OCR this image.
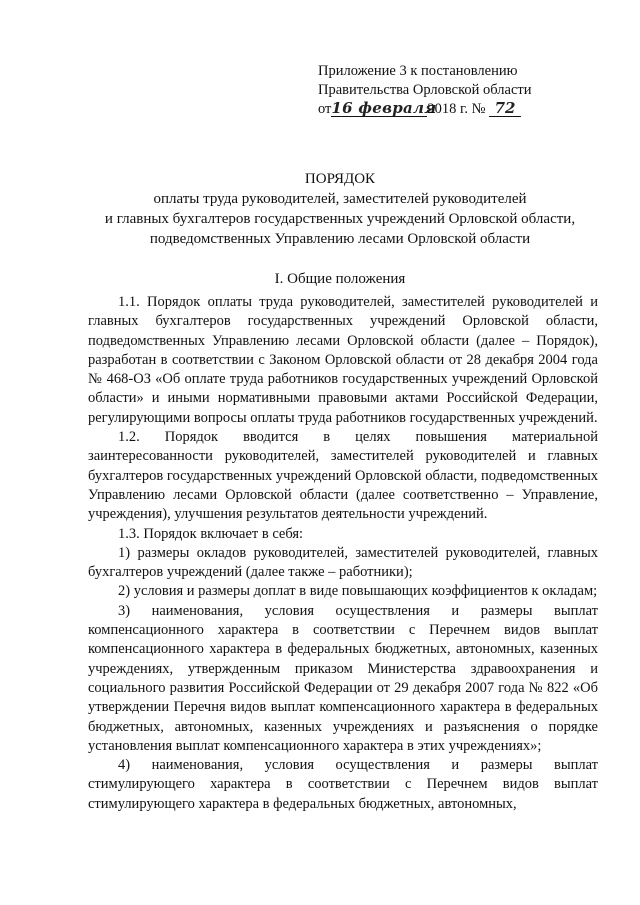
Приложение 3 к постановлению
Правительства Орловской области
от16 февраля2018 г. № 72
ПОРЯДОК
оплаты труда руководителей, заместителей руководителей
и главных бухгалтеров государственных учреждений Орловской области,
подведомственных Управлению лесами Орловской области
I. Общие положения

1.1. Порядок оплаты труда руководителей, заместителей руководителей и главных бухгалтеров государственных учреждений Орловской области, подведомственных Управлению лесами Орловской области (далее – Порядок), разработан в соответствии с Законом Орловской области от 28 декабря 2004 года № 468-ОЗ «Об оплате труда работников государственных учреждений Орловской области» и иными нормативными правовыми актами Российской Федерации, регулирующими вопросы оплаты труда работников государственных учреждений.

1.2. Порядок вводится в целях повышения материальной заинтересованности руководителей, заместителей руководителей и главных бухгалтеров государственных учреждений Орловской области, подведомственных Управлению лесами Орловской области (далее соответственно – Управление, учреждения), улучшения результатов деятельности учреждений.

1.3. Порядок включает в себя:

1) размеры окладов руководителей, заместителей руководителей, главных бухгалтеров учреждений (далее также – работники);

2) условия и размеры доплат в виде повышающих коэффициентов к окладам;

3) наименования, условия осуществления и размеры выплат компенсационного характера в соответствии с Перечнем видов выплат компенсационного характера в федеральных бюджетных, автономных, казенных учреждениях, утвержденным приказом Министерства здравоохранения и социального развития Российской Федерации от 29 декабря 2007 года № 822 «Об утверждении Перечня видов выплат компенсационного характера в федеральных бюджетных, автономных, казенных учреждениях и разъяснения о порядке установления выплат компенсационного характера в этих учреждениях»;

4) наименования, условия осуществления и размеры выплат стимулирующего характера в соответствии с Перечнем видов выплат стимулирующего характера в федеральных бюджетных, автономных,
